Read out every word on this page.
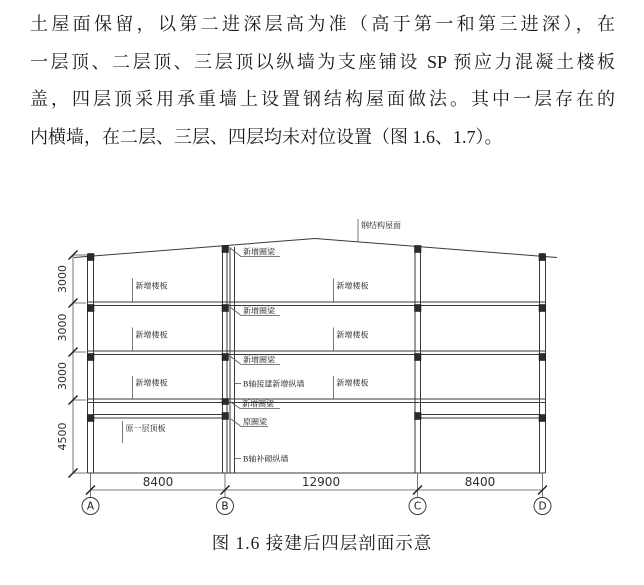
土屋面保留，以第二进深层高为准（高于第一和第三进深），在
一层顶、二层顶、三层顶以纵墙为支座铺设 SP 预应力混凝土楼板
盖，四层顶采用承重墙上设置钢结构屋面做法。其中一层存在的
内横墙，在二层、三层、四层均未对位设置（图 1.6、1.7）。
钢结构屋面
新增圈梁
新增圈梁
新增圈梁
新增圈梁
原圈梁
新增楼板	新增楼板
新增楼板	新增楼板
新增楼板	新增楼板
原一层顶板
B轴接建新增纵墙
B轴补砌纵墙
3000
3000
3000
4500
8400	12900	8400
A	B	C	D
图 1.6 接建后四层剖面示意
